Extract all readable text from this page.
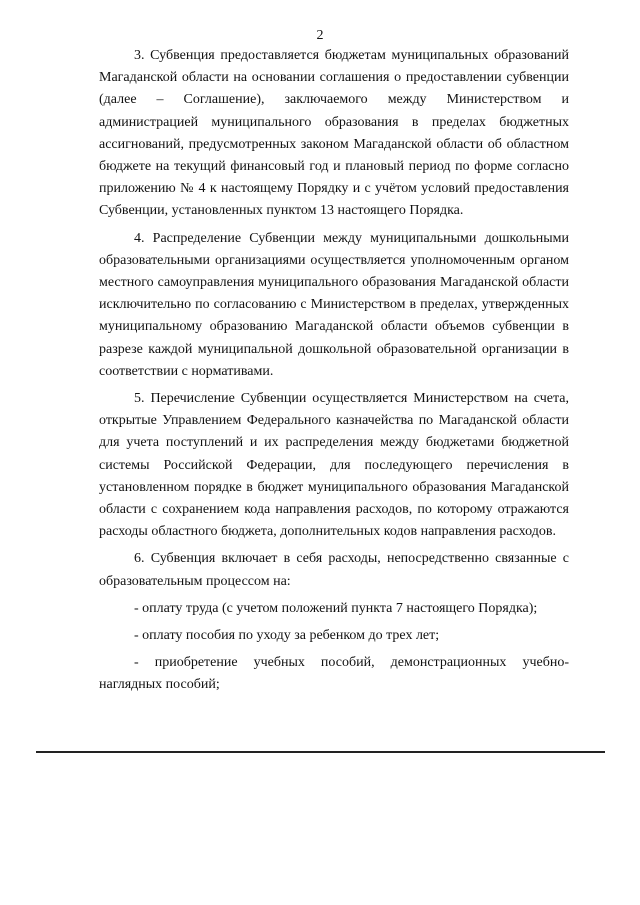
2

3. Субвенция предоставляется бюджетам муниципальных образований Магаданской области на основании соглашения о предоставлении субвенции (далее – Соглашение), заключаемого между Министерством и администрацией муниципального образования в пределах бюджетных ассигнований, предусмотренных законом Магаданской области об областном бюджете на текущий финансовый год и плановый период по форме согласно приложению № 4 к настоящему Порядку и с учётом условий предоставления Субвенции, установленных пунктом 13 настоящего Порядка.

4. Распределение Субвенции между муниципальными дошкольными образовательными организациями осуществляется уполномоченным органом местного самоуправления муниципального образования Магаданской области исключительно по согласованию с Министерством в пределах, утвержденных муниципальному образованию Магаданской области объемов субвенции в разрезе каждой муниципальной дошкольной образовательной организации в соответствии с нормативами.

5. Перечисление Субвенции осуществляется Министерством на счета, открытые Управлением Федерального казначейства по Магаданской области для учета поступлений и их распределения между бюджетами бюджетной системы Российской Федерации, для последующего перечисления в установленном порядке в бюджет муниципального образования Магаданской области с сохранением кода направления расходов, по которому отражаются расходы областного бюджета, дополнительных кодов направления расходов.

6. Субвенция включает в себя расходы, непосредственно связанные с образовательным процессом на:

- оплату труда (с учетом положений пункта 7 настоящего Порядка);

- оплату пособия по уходу за ребенком до трех лет;

- приобретение учебных пособий, демонстрационных учебно-наглядных пособий;
